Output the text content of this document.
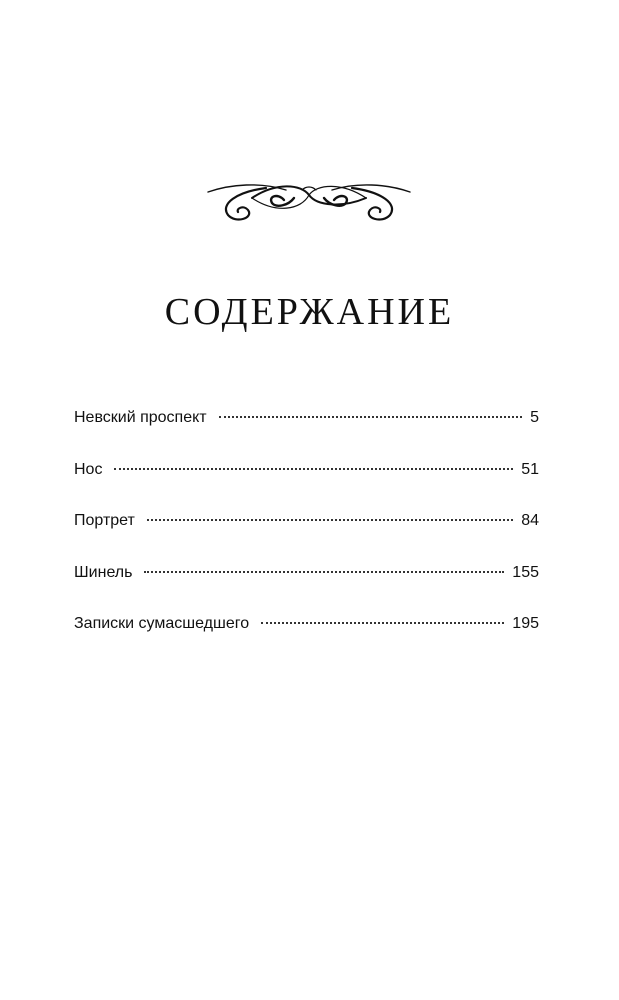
СОДЕРЖАНИЕ
Невский проспект	5
Нос	51
Портрет	84
Шинель	155
Записки сумасшедшего	195
